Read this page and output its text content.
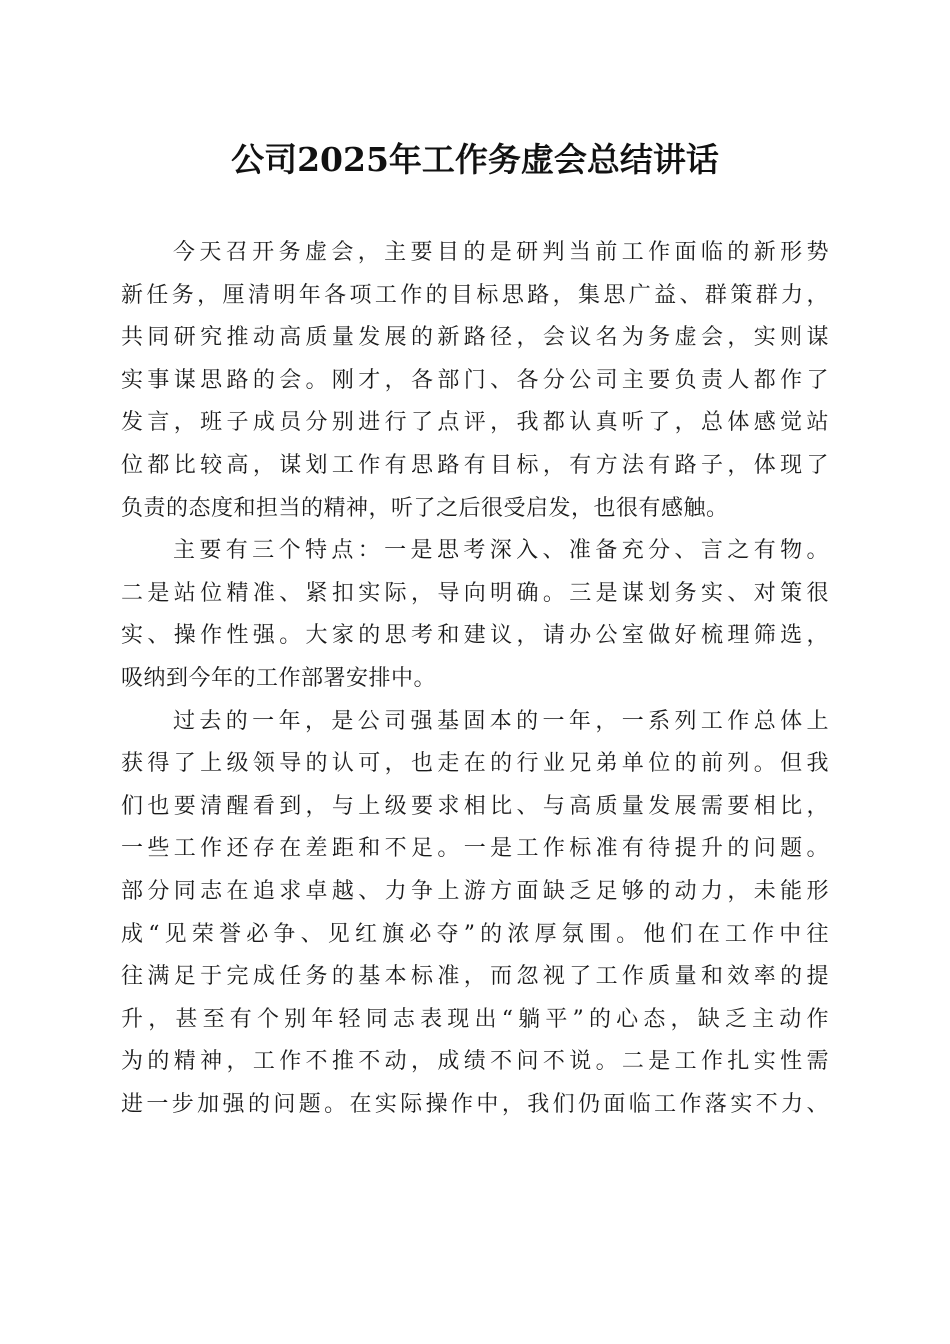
公司2025年工作务虚会总结讲话
今天召开务虚会，主要目的是研判当前工作面临的新形势
新任务，厘清明年各项工作的目标思路，集思广益、群策群力，
共同研究推动高质量发展的新路径，会议名为务虚会，实则谋
实事谋思路的会。刚才，各部门、各分公司主要负责人都作了
发言，班子成员分别进行了点评，我都认真听了，总体感觉站
位都比较高，谋划工作有思路有目标，有方法有路子，体现了
负责的态度和担当的精神，听了之后很受启发，也很有感触。
主要有三个特点：一是思考深入、准备充分、言之有物。
二是站位精准、紧扣实际，导向明确。三是谋划务实、对策很
实、操作性强。大家的思考和建议，请办公室做好梳理筛选，
吸纳到今年的工作部署安排中。
过去的一年，是公司强基固本的一年，一系列工作总体上
获得了上级领导的认可，也走在的行业兄弟单位的前列。但我
们也要清醒看到，与上级要求相比、与高质量发展需要相比，
一些工作还存在差距和不足。一是工作标准有待提升的问题。
部分同志在追求卓越、力争上游方面缺乏足够的动力，未能形
成“见荣誉必争、见红旗必夺”的浓厚氛围。他们在工作中往
往满足于完成任务的基本标准，而忽视了工作质量和效率的提
升，甚至有个别年轻同志表现出“躺平”的心态，缺乏主动作
为的精神，工作不推不动，成绩不问不说。二是工作扎实性需
进一步加强的问题。在实际操作中，我们仍面临工作落实不力、
